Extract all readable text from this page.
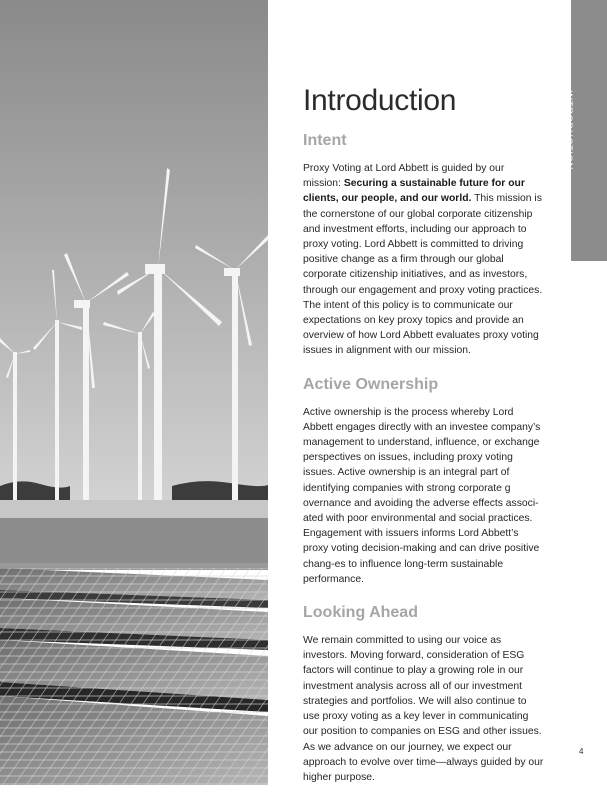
INTRODUCTION
Introduction
Intent

Proxy Voting at Lord Abbett is guided by our mission: Securing a sustainable future for our clients, our people, and our world. This mission is the cornerstone of our global corporate citizenship and investment efforts, including our approach to proxy voting. Lord Abbett is committed to driving positive change as a firm through our global corporate citizenship initiatives, and as investors, through our engagement and proxy voting practices. The intent of this policy is to communicate our expectations on key proxy topics and provide an overview of how Lord Abbett evaluates proxy voting issues in alignment with our mission.

Active Ownership

Active ownership is the process whereby Lord Abbett engages directly with an investee company’s management to understand, influence, or exchange perspectives on issues, including proxy voting issues. Active ownership is an integral part of identifying companies with strong corporate g overnance and avoiding the adverse effects associ-ated with poor environmental and social practices. Engagement with issuers informs Lord Abbett’s proxy voting decision-making and can drive positive chang-es to influence long-term sustainable performance.

Looking Ahead

We remain committed to using our voice as investors. Moving forward, consideration of ESG factors will continue to play a growing role in our investment analysis across all of our investment strategies and portfolios. We will also continue to use proxy voting as a key lever in communicating our position to companies on ESG and other issues. As we advance on our journey, we expect our approach to evolve over time—always guided by our higher purpose.

4
